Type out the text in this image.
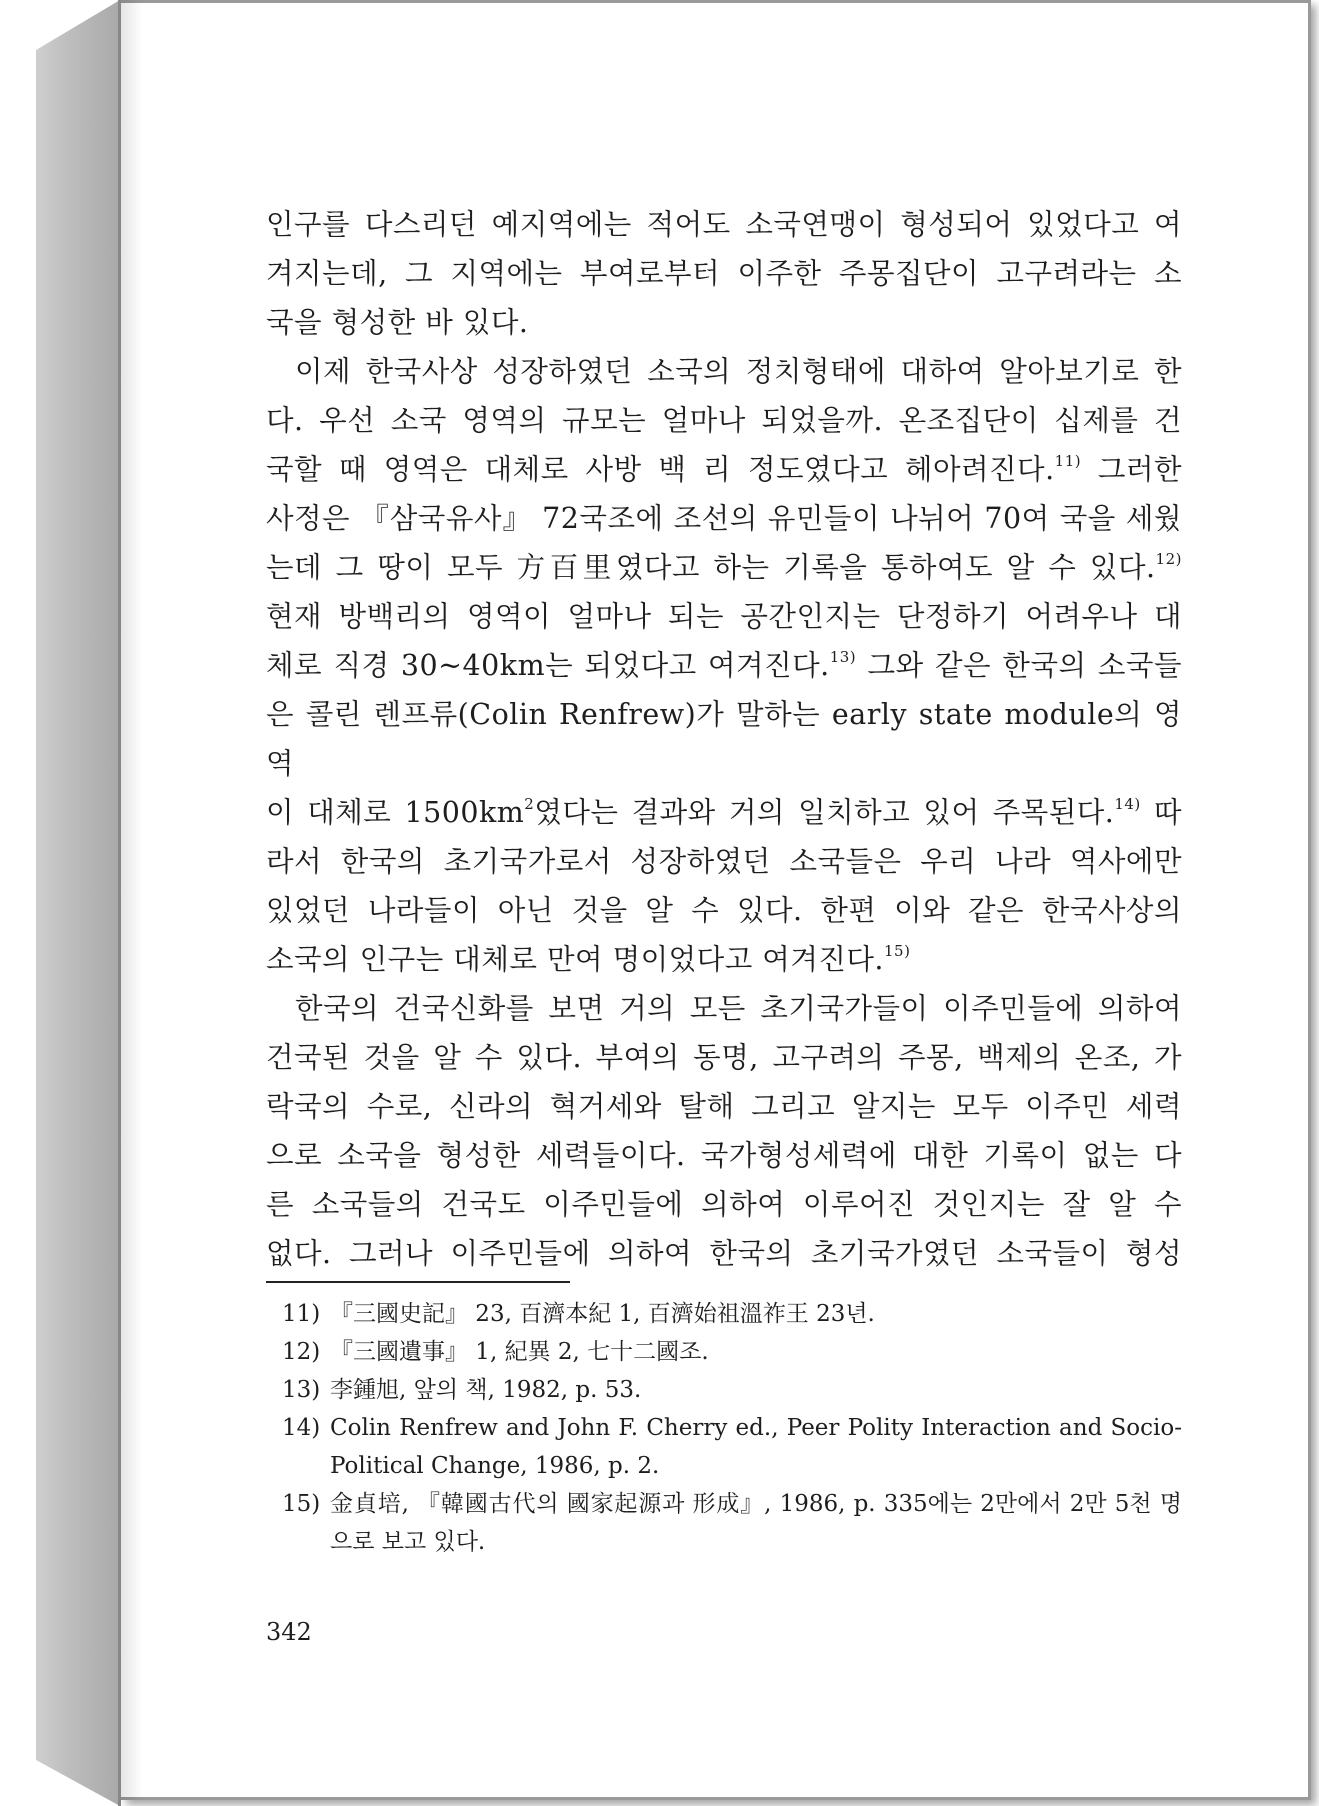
인구를 다스리던 예지역에는 적어도 소국연맹이 형성되어 있었다고 여

겨지는데, 그 지역에는 부여로부터 이주한 주몽집단이 고구려라는 소

국을 형성한 바 있다.

이제 한국사상 성장하였던 소국의 정치형태에 대하여 알아보기로 한

다. 우선 소국 영역의 규모는 얼마나 되었을까. 온조집단이 십제를 건

국할 때 영역은 대체로 사방 백 리 정도였다고 헤아려진다.$^{11)}$ 그러한

사정은 『삼국유사』 72국조에 조선의 유민들이 나뉘어 70여 국을 세웠

는데 그 땅이 모두 方百里였다고 하는 기록을 통하여도 알 수 있다.$^{12)}$

현재 방백리의 영역이 얼마나 되는 공간인지는 단정하기 어려우나 대

체로 직경 30~40km는 되었다고 여겨진다.$^{13)}$ 그와 같은 한국의 소국들

은 콜린 렌프류(Colin Renfrew)가 말하는 early state module의 영역

이 대체로 $1500km^2$였다는 결과와 거의 일치하고 있어 주목된다.$^{14)}$ 따

라서 한국의 초기국가로서 성장하였던 소국들은 우리 나라 역사에만

있었던 나라들이 아닌 것을 알 수 있다. 한편 이와 같은 한국사상의

소국의 인구는 대체로 만여 명이었다고 여겨진다.$^{15)}$

한국의 건국신화를 보면 거의 모든 초기국가들이 이주민들에 의하여

건국된 것을 알 수 있다. 부여의 동명, 고구려의 주몽, 백제의 온조, 가

락국의 수로, 신라의 혁거세와 탈해 그리고 알지는 모두 이주민 세력

으로 소국을 형성한 세력들이다. 국가형성세력에 대한 기록이 없는 다

른 소국들의 건국도 이주민들에 의하여 이루어진 것인지는 잘 알 수

없다. 그러나 이주민들에 의하여 한국의 초기국가였던 소국들이 형성

11) 『三國史記』 23, 百濟本紀 1, 百濟始祖溫祚王 23년.
12) 『三國遺事』 1, 紀異 2, 七十二國조.
13) 李鍾旭, 앞의 책, 1982, p. 53.
14) Colin Renfrew and John F. Cherry ed., Peer Polity Interaction and Socio-Political Change, 1986, p. 2.
15) 金貞培, 『韓國古代의 國家起源과 形成』, 1986, p. 335에는 2만에서 2만 5천 명으로 보고 있다.
342
